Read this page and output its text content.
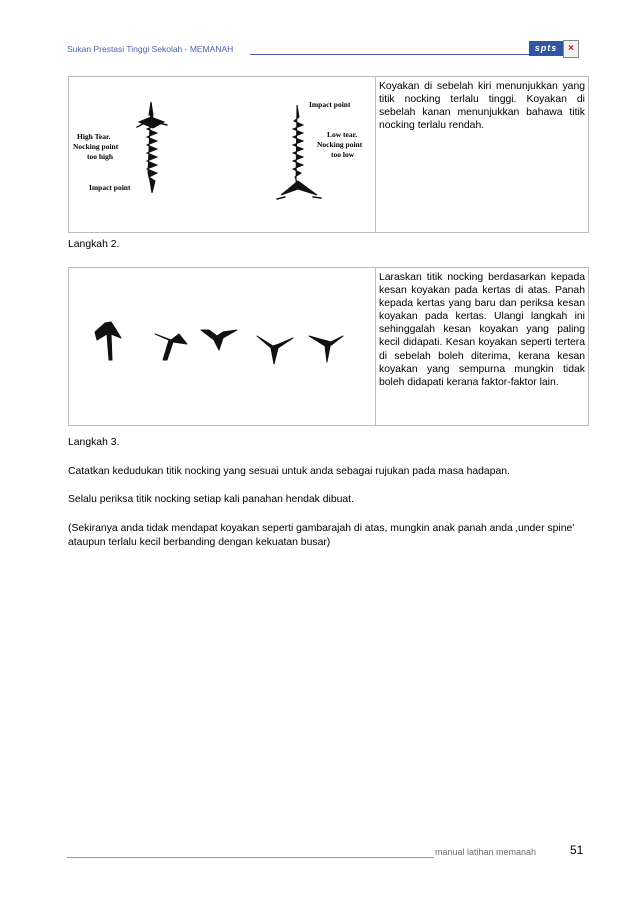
Sukan Prestasi Tinggi Sekolah - MEMANAH	spts	×
High Tear.
Nocking point
too high
Impact point
Impact point
Low tear.
Nocking point
too low

Koyakan di sebelah kiri menunjukkan yang titik nocking terlalu tinggi. Koyakan di sebelah kanan menunjukkan bahawa titik nocking terlalu rendah.
Langkah 2.

Laraskan titik nocking berdasarkan kepada kesan koyakan pada kertas di atas. Panah kepada kertas yang baru dan periksa kesan koyakan pada kertas. Ulangi langkah ini sehinggalah kesan koyakan yang paling kecil didapati. Kesan koyakan seperti tertera di sebelah boleh diterima, kerana kesan koyakan yang sempurna mungkin tidak boleh didapati kerana faktor-faktor lain.
Langkah 3.
Catatkan kedudukan titik nocking yang sesuai untuk anda sebagai rujukan pada masa hadapan.
Selalu periksa titik nocking setiap kali panahan hendak dibuat.
(Sekiranya anda tidak mendapat koyakan seperti gambarajah di atas, mungkin anak panah anda ‚under spine' ataupun terlalu kecil berbanding dengan kekuatan busar)
manual latihan memanah	51
